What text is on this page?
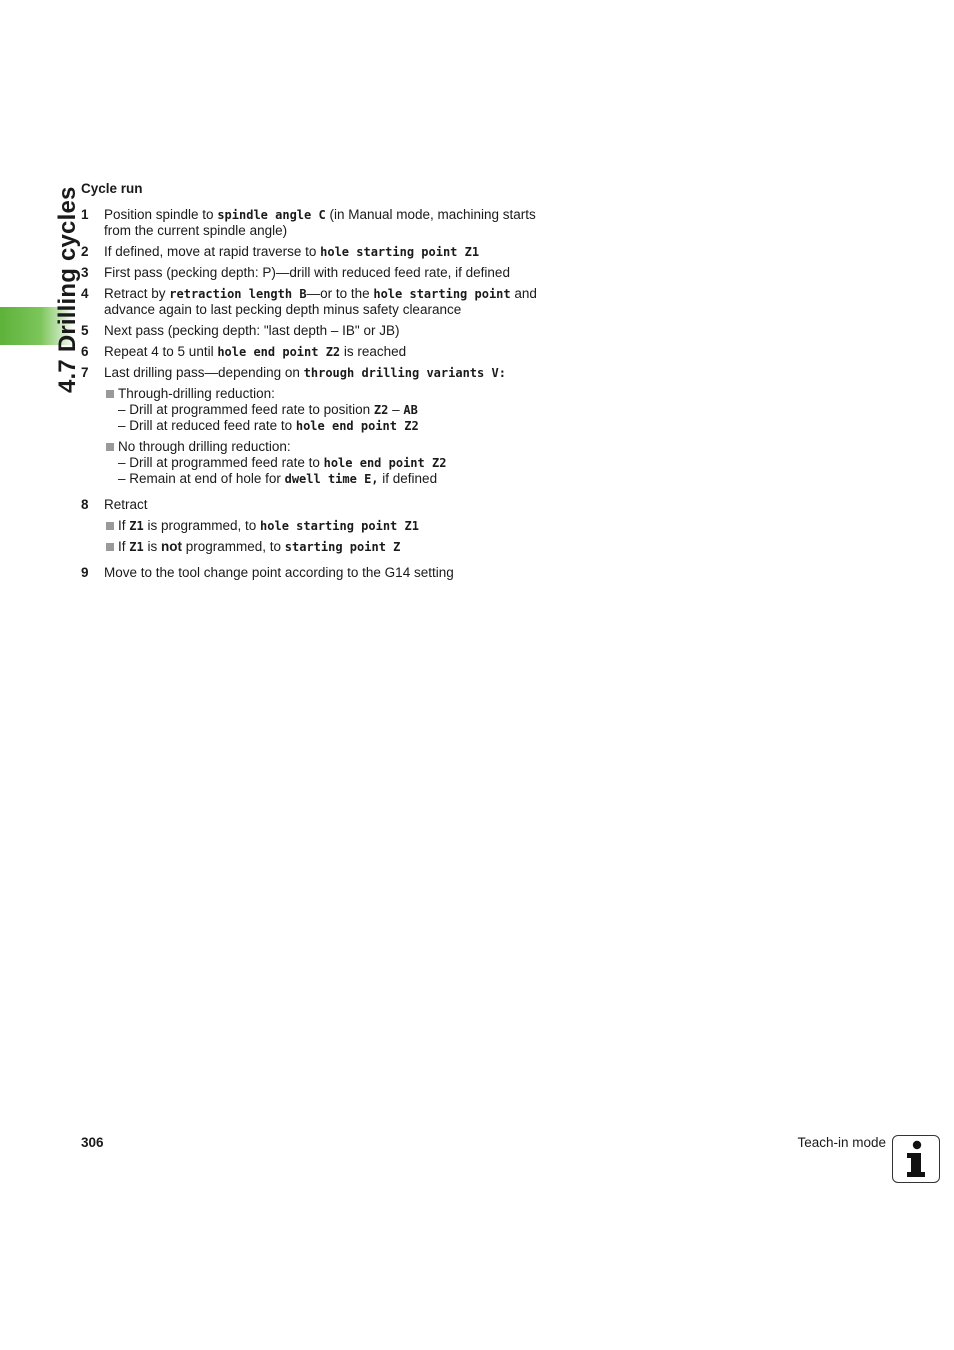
4.7 Drilling cycles Cycle run
1 Position spindle to spindle angle C (in Manual mode, machining starts from the current spindle angle)
2 If defined, move at rapid traverse to hole starting point Z1
3 First pass (pecking depth: P)—drill with reduced feed rate, if defined
4 Retract by retraction length B—or to the hole starting point and advance again to last pecking depth minus safety clearance
5 Next pass (pecking depth: "last depth – IB" or JB)
6 Repeat 4 to 5 until hole end point Z2 is reached
7 Last drilling pass—depending on through drilling variants V:
Through-drilling reduction:
– Drill at programmed feed rate to position Z2 – AB
– Drill at reduced feed rate to hole end point Z2
No through drilling reduction:
– Drill at programmed feed rate to hole end point Z2
– Remain at end of hole for dwell time E, if defined
8 Retract
If Z1 is programmed, to hole starting point Z1
If Z1 is not programmed, to starting point Z
9 Move to the tool change point according to the G14 setting
306	Teach-in mode
